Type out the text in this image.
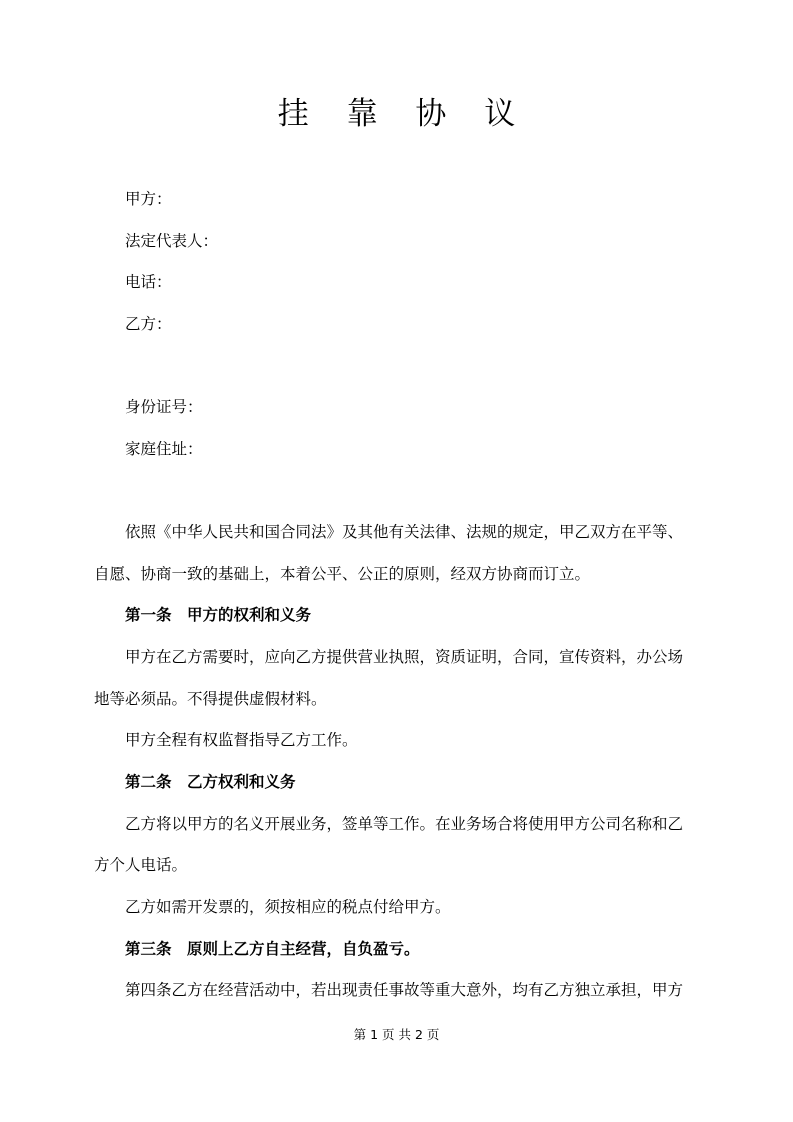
挂 靠 协 议
甲方：
法定代表人：
电话：
乙方：
身份证号：
家庭住址：
依照《中华人民共和国合同法》及其他有关法律、法规的规定，甲乙双方在平等、
自愿、协商一致的基础上，本着公平、公正的原则，经双方协商而订立。
第一条　甲方的权利和义务
甲方在乙方需要时，应向乙方提供营业执照，资质证明，合同，宣传资料，办公场
地等必须品。不得提供虚假材料。
甲方全程有权监督指导乙方工作。
第二条　乙方权利和义务
乙方将以甲方的名义开展业务，签单等工作。在业务场合将使用甲方公司名称和乙
方个人电话。
乙方如需开发票的，须按相应的税点付给甲方。
第三条　原则上乙方自主经营，自负盈亏。
第四条乙方在经营活动中，若出现责任事故等重大意外，均有乙方独立承担，甲方
第 1 页 共 2 页
